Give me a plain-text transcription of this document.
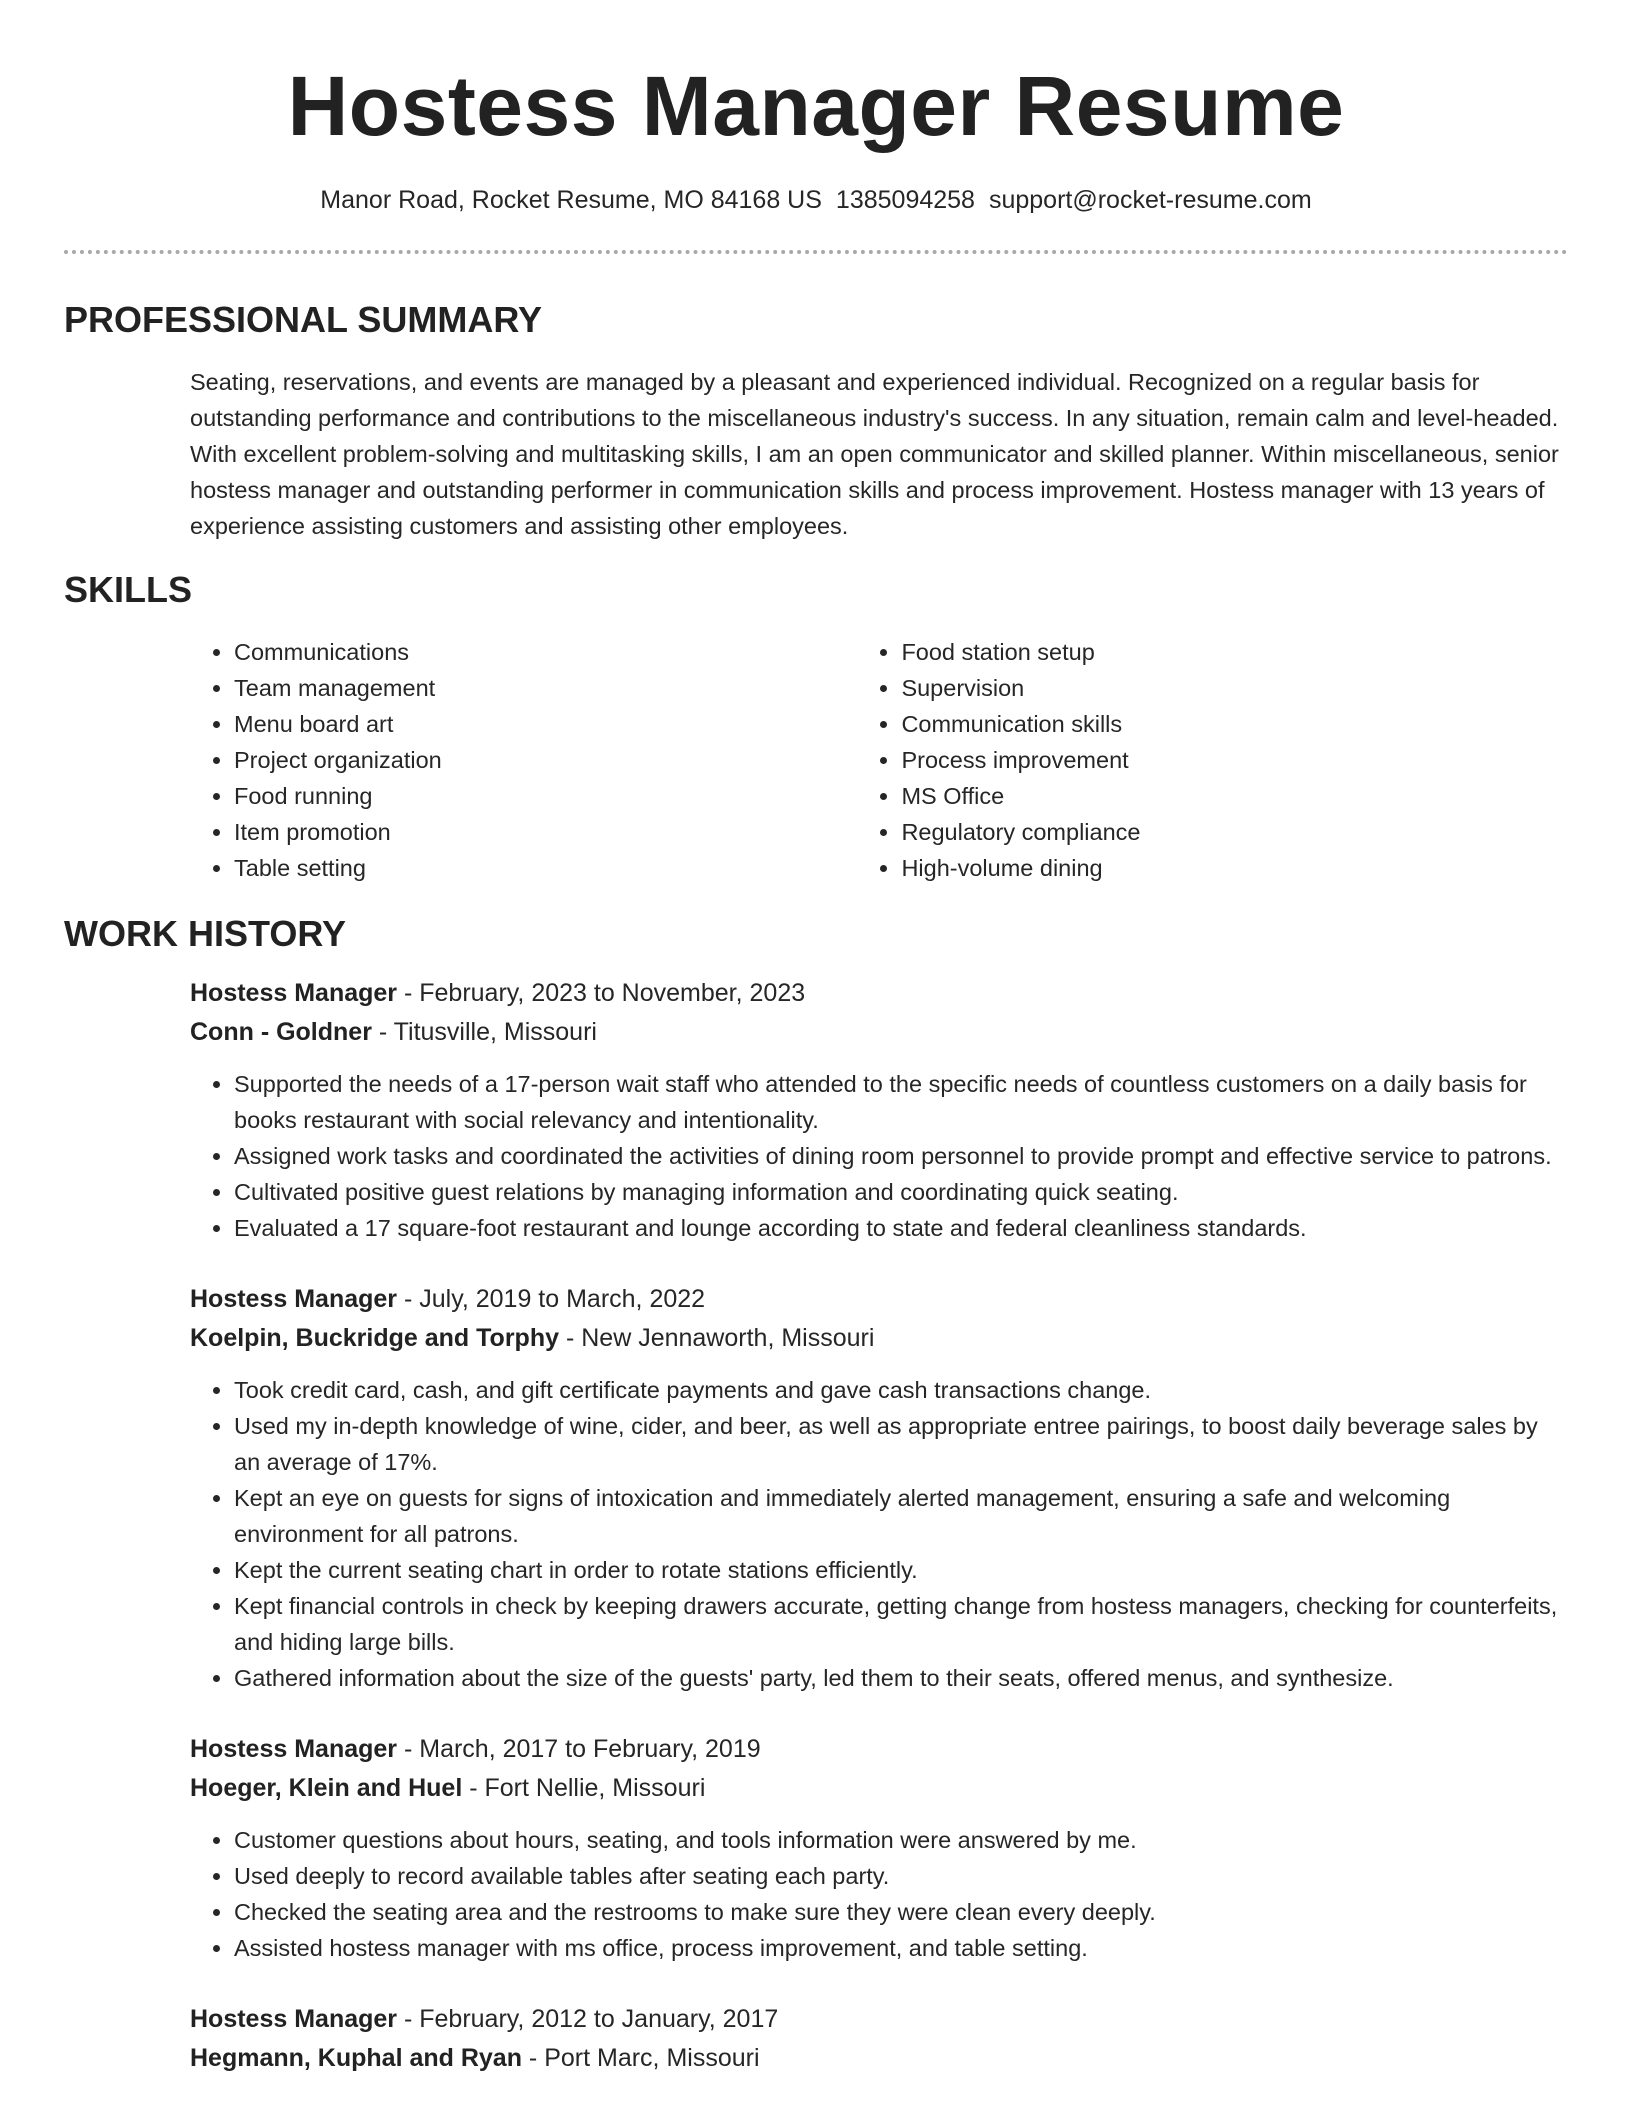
Hostess Manager Resume
Manor Road, Rocket Resume, MO 84168 US 1385094258 support@rocket-resume.com
PROFESSIONAL SUMMARY

Seating, reservations, and events are managed by a pleasant and experienced individual. Recognized on a regular basis for outstanding performance and contributions to the miscellaneous industry's success. In any situation, remain calm and level-headed. With excellent problem-solving and multitasking skills, I am an open communicator and skilled planner. Within miscellaneous, senior hostess manager and outstanding performer in communication skills and process improvement. Hostess manager with 13 years of experience assisting customers and assisting other employees.

SKILLS
• Communications
• Team management
• Menu board art
• Project organization
• Food running
• Item promotion
• Table setting
• Food station setup
• Supervision
• Communication skills
• Process improvement
• MS Office
• Regulatory compliance
• High-volume dining
WORK HISTORY
Hostess Manager - February, 2023 to November, 2023
Conn - Goldner - Titusville, Missouri
• Supported the needs of a 17-person wait staff who attended to the specific needs of countless customers on a daily basis for books restaurant with social relevancy and intentionality.
• Assigned work tasks and coordinated the activities of dining room personnel to provide prompt and effective service to patrons.
• Cultivated positive guest relations by managing information and coordinating quick seating.
• Evaluated a 17 square-foot restaurant and lounge according to state and federal cleanliness standards.
Hostess Manager - July, 2019 to March, 2022
Koelpin, Buckridge and Torphy - New Jennaworth, Missouri
• Took credit card, cash, and gift certificate payments and gave cash transactions change.
• Used my in-depth knowledge of wine, cider, and beer, as well as appropriate entree pairings, to boost daily beverage sales by an average of 17%.
• Kept an eye on guests for signs of intoxication and immediately alerted management, ensuring a safe and welcoming environment for all patrons.
• Kept the current seating chart in order to rotate stations efficiently.
• Kept financial controls in check by keeping drawers accurate, getting change from hostess managers, checking for counterfeits, and hiding large bills.
• Gathered information about the size of the guests' party, led them to their seats, offered menus, and synthesize.
Hostess Manager - March, 2017 to February, 2019
Hoeger, Klein and Huel - Fort Nellie, Missouri
• Customer questions about hours, seating, and tools information were answered by me.
• Used deeply to record available tables after seating each party.
• Checked the seating area and the restrooms to make sure they were clean every deeply.
• Assisted hostess manager with ms office, process improvement, and table setting.
Hostess Manager - February, 2012 to January, 2017
Hegmann, Kuphal and Ryan - Port Marc, Missouri
